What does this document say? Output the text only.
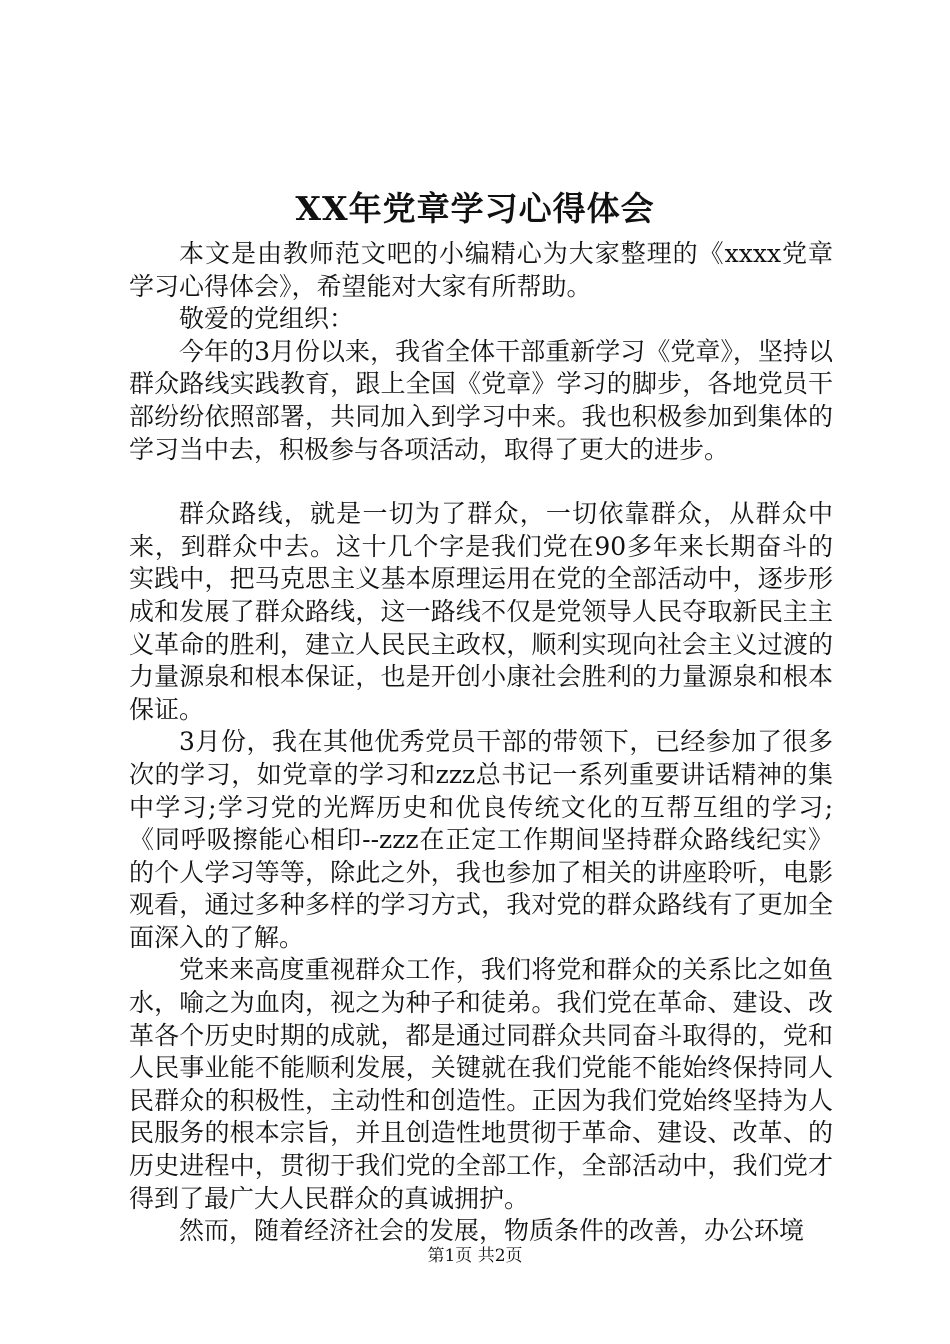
XX年党章学习心得体会

本文是由教师范文吧的小编精心为大家整理的《xxxx党章学习心得体会》，希望能对大家有所帮助。

敬爱的党组织：

今年的3月份以来，我省全体干部重新学习《党章》，坚持以群众路线实践教育，跟上全国《党章》学习的脚步，各地党员干部纷纷依照部署，共同加入到学习中来。我也积极参加到集体的学习当中去，积极参与各项活动，取得了更大的进步。

群众路线，就是一切为了群众，一切依靠群众，从群众中来，到群众中去。这十几个字是我们党在90多年来长期奋斗的实践中，把马克思主义基本原理运用在党的全部活动中，逐步形成和发展了群众路线，这一路线不仅是党领导人民夺取新民主主义革命的胜利，建立人民民主政权，顺利实现向社会主义过渡的力量源泉和根本保证，也是开创小康社会胜利的力量源泉和根本保证。

3月份，我在其他优秀党员干部的带领下，已经参加了很多次的学习，如党章的学习和zzz总书记一系列重要讲话精神的集中学习;学习党的光辉历史和优良传统文化的互帮互组的学习;《同呼吸擦能心相印--zzz在正定工作期间坚持群众路线纪实》的个人学习等等，除此之外，我也参加了相关的讲座聆听，电影观看，通过多种多样的学习方式，我对党的群众路线有了更加全面深入的了解。

党来来高度重视群众工作，我们将党和群众的关系比之如鱼水，喻之为血肉，视之为种子和徒弟。我们党在革命、建设、改革各个历史时期的成就，都是通过同群众共同奋斗取得的，党和人民事业能不能顺利发展，关键就在我们党能不能始终保持同人民群众的积极性，主动性和创造性。正因为我们党始终坚持为人民服务的根本宗旨，并且创造性地贯彻于革命、建设、改革、的历史进程中，贯彻于我们党的全部工作，全部活动中，我们党才得到了最广大人民群众的真诚拥护。

然而，随着经济社会的发展，物质条件的改善，办公环境

第1页 共2页
